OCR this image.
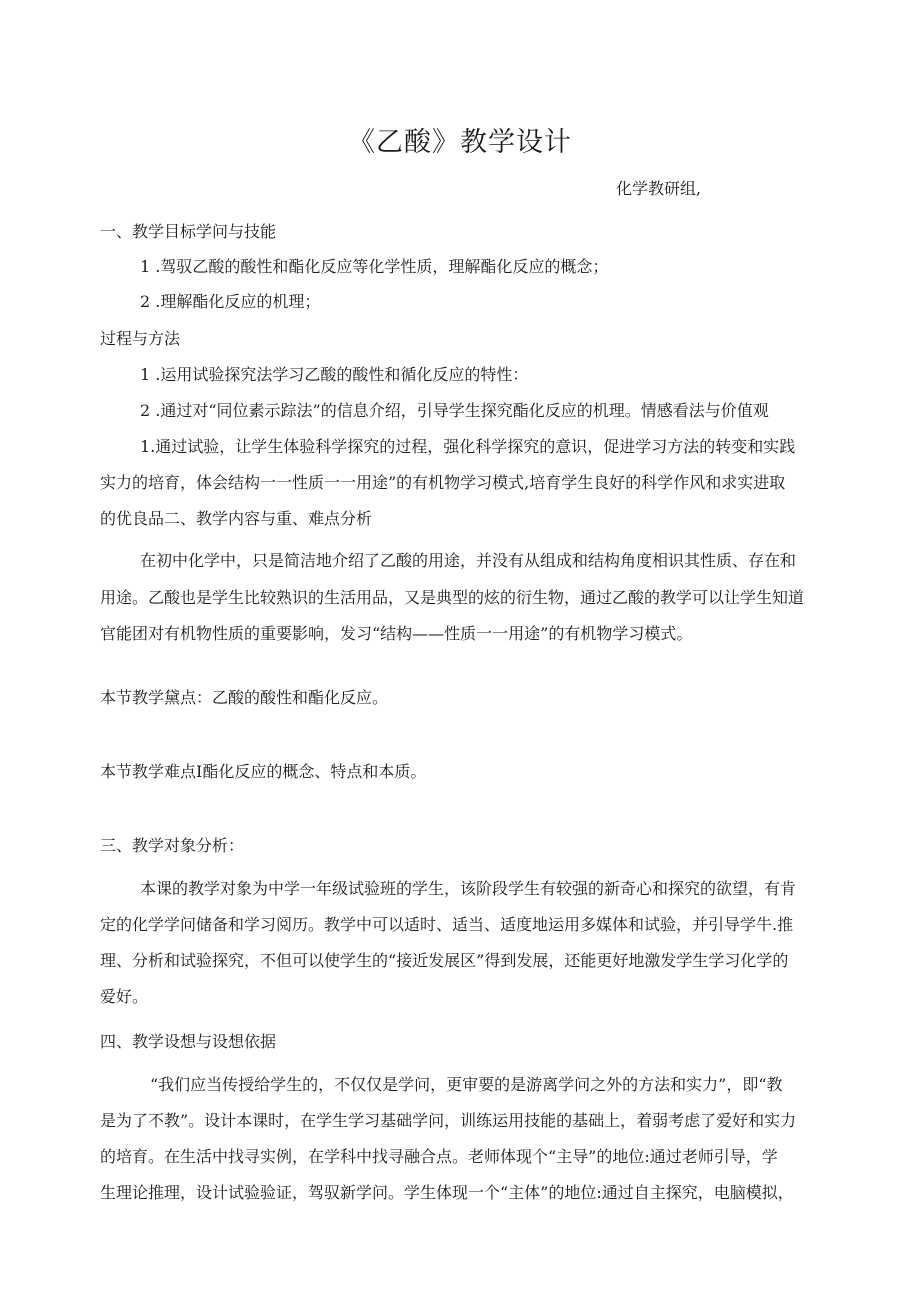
《乙酸》教学设计
化学教研组,
一、教学目标学问与技能
1 .驾驭乙酸的酸性和酯化反应等化学性质，理解酯化反应的概念；
2 .理解酯化反应的机理；
过程与方法
1 .运用试验探究法学习乙酸的酸性和循化反应的特性：
2 .通过对“同位素示踪法”的信息介绍，引导学生探究酯化反应的机理。情感看法与价值观
1.通过试验，让学生体验科学探究的过程，强化科学探究的意识，促进学习方法的转变和实践
实力的培育，体会结构一一性质一一用途”的有机物学习模式,培育学生良好的科学作风和求实进取
的优良品二、教学内容与重、难点分析
在初中化学中，只是简洁地介绍了乙酸的用途，并没有从组成和结构角度相识其性质、存在和
用途。乙酸也是学生比较熟识的生活用品，又是典型的炫的衍生物，通过乙酸的教学可以让学生知道
官能团对有机物性质的重要影响，发习“结构——性质一一用途”的有机物学习模式。
本节教学黛点：乙酸的酸性和酯化反应。
本节教学难点I酯化反应的概念、特点和本质。
三、教学对象分析：
本课的教学对象为中学一年级试验班的学生，该阶段学生有较强的新奇心和探究的欲望，有肯
定的化学学问储备和学习阅历。教学中可以适时、适当、适度地运用多媒体和试验，并引导学牛.推
理、分析和试验探究，不但可以使学生的“接近发展区”得到发展，还能更好地激发学生学习化学的
爱好。
四、教学设想与设想依据
“我们应当传授给学生的，不仅仅是学问，更审要的是游离学问之外的方法和实力”，即“教
是为了不教”。设计本课时，在学生学习基础学问，训练运用技能的基础上，着弱考虑了爱好和实力
的培育。在生活中找寻实例，在学科中找寻融合点。老师体现个“主导”的地位:通过老师引导，学
生理论推理，设计试验验证，驾驭新学问。学生体现一个“主体”的地位:通过自主探究，电脑模拟，
